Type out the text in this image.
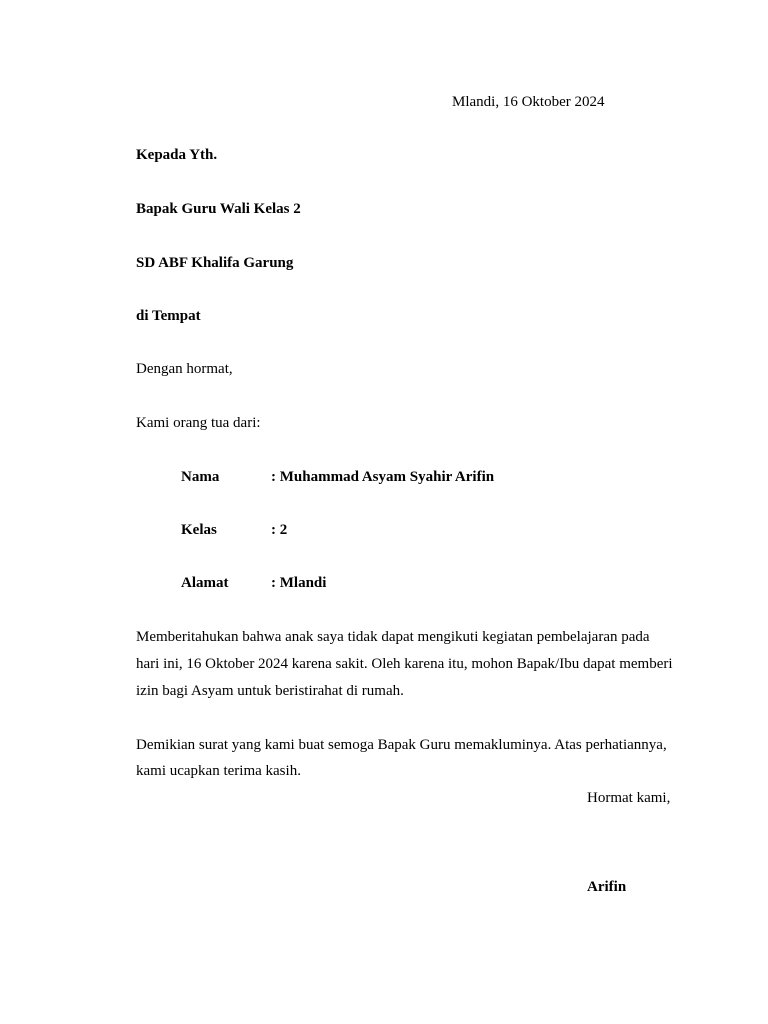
Mlandi, 16 Oktober 2024
Kepada Yth.
Bapak Guru Wali Kelas 2
SD ABF Khalifa Garung
di Tempat
Dengan hormat,
Kami orang tua dari:
Nama	: Muhammad Asyam Syahir Arifin
Kelas	: 2
Alamat	: Mlandi
Memberitahukan bahwa anak saya tidak dapat mengikuti kegiatan pembelajaran pada
hari ini, 16 Oktober 2024 karena sakit. Oleh karena itu, mohon Bapak/Ibu dapat memberi
izin bagi Asyam untuk beristirahat di rumah.
Demikian surat yang kami buat semoga Bapak Guru memakluminya. Atas perhatiannya,
kami ucapkan terima kasih.
Hormat kami,
Arifin
